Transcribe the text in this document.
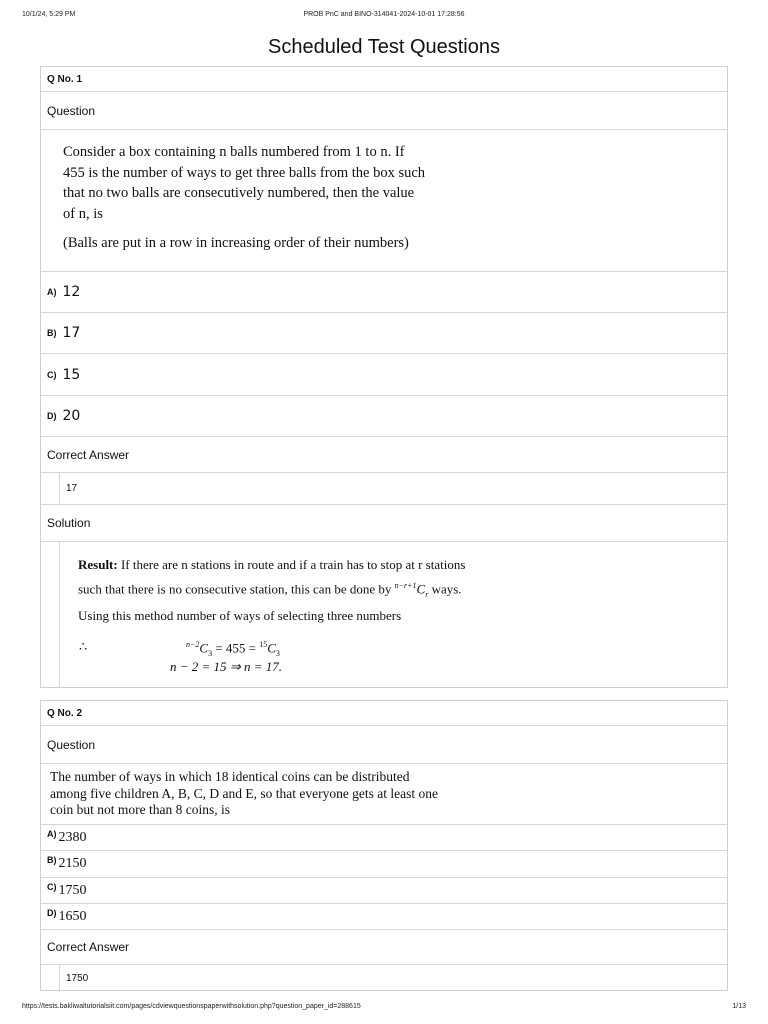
10/1/24, 5:29 PM	PROB PnC and BINO-314041-2024-10-01 17:28:56
Scheduled Test Questions
Q No. 1
Question

Consider a box containing n balls numbered from 1 to n. If

455 is the number of ways to get three balls from the box such

that no two balls are consecutively numbered, then the value

of n, is

(Balls are put in a row in increasing order of their numbers)

A) 12
B) 17
C) 15
D) 20
Correct Answer
17
Solution
Result: If there are n stations in route and if a train has to stop at r stations
such that there is no consecutive station, this can be done by $^{n-r+1}C_r$ ways.
Using this method number of ways of selecting three numbers
∴	$^{n-2}C_3 = 455 = ^{15}C_3$
n − 2 = 15 ⇒ n = 17.
Q No. 2
Question

The number of ways in which 18 identical coins can be distributed

among five children A, B, C, D and E, so that everyone gets at least one

coin but not more than 8 coins, is

A) 2380
B) 2150
C) 1750
D) 1650
Correct Answer
1750
https://tests.bakliwaltutorialsiit.com/pages/cdviewquestionspaperwithsolution.php?question_paper_id=288615	1/13
